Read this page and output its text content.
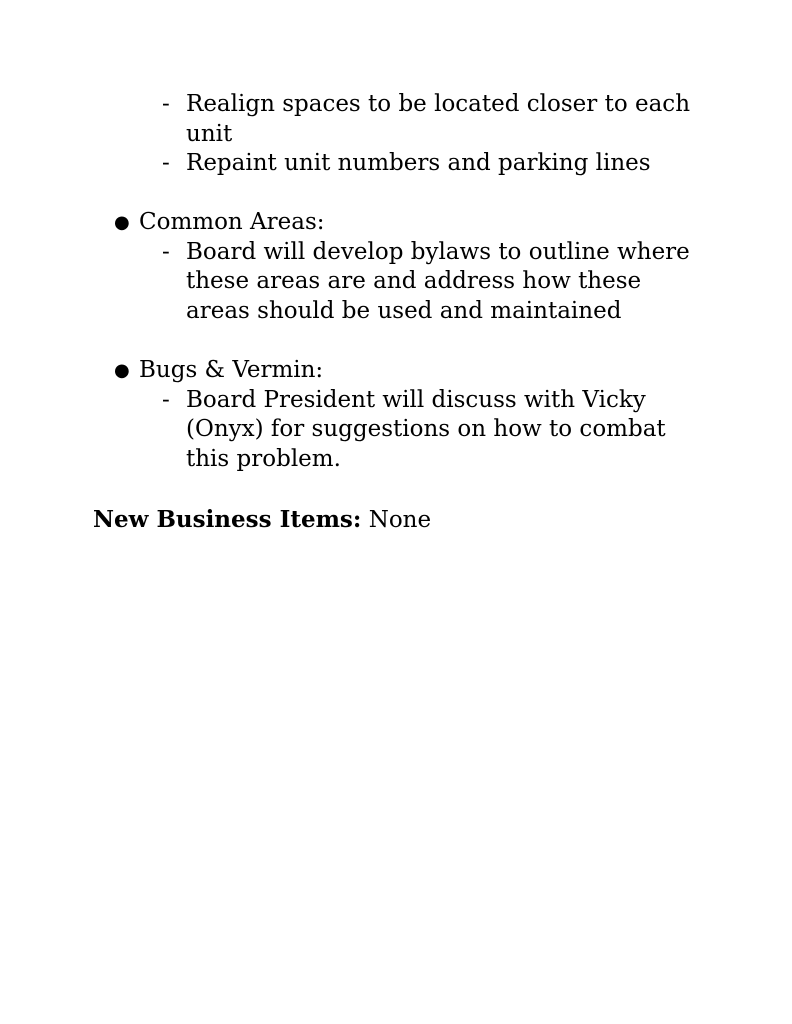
- Realign spaces to be located closer to each unit
- Repaint unit numbers and parking lines
● Common Areas:
- Board will develop bylaws to outline where these areas are and address how these areas should be used and maintained
● Bugs & Vermin:
- Board President will discuss with Vicky (Onyx) for suggestions on how to combat this problem.
New Business Items: None
